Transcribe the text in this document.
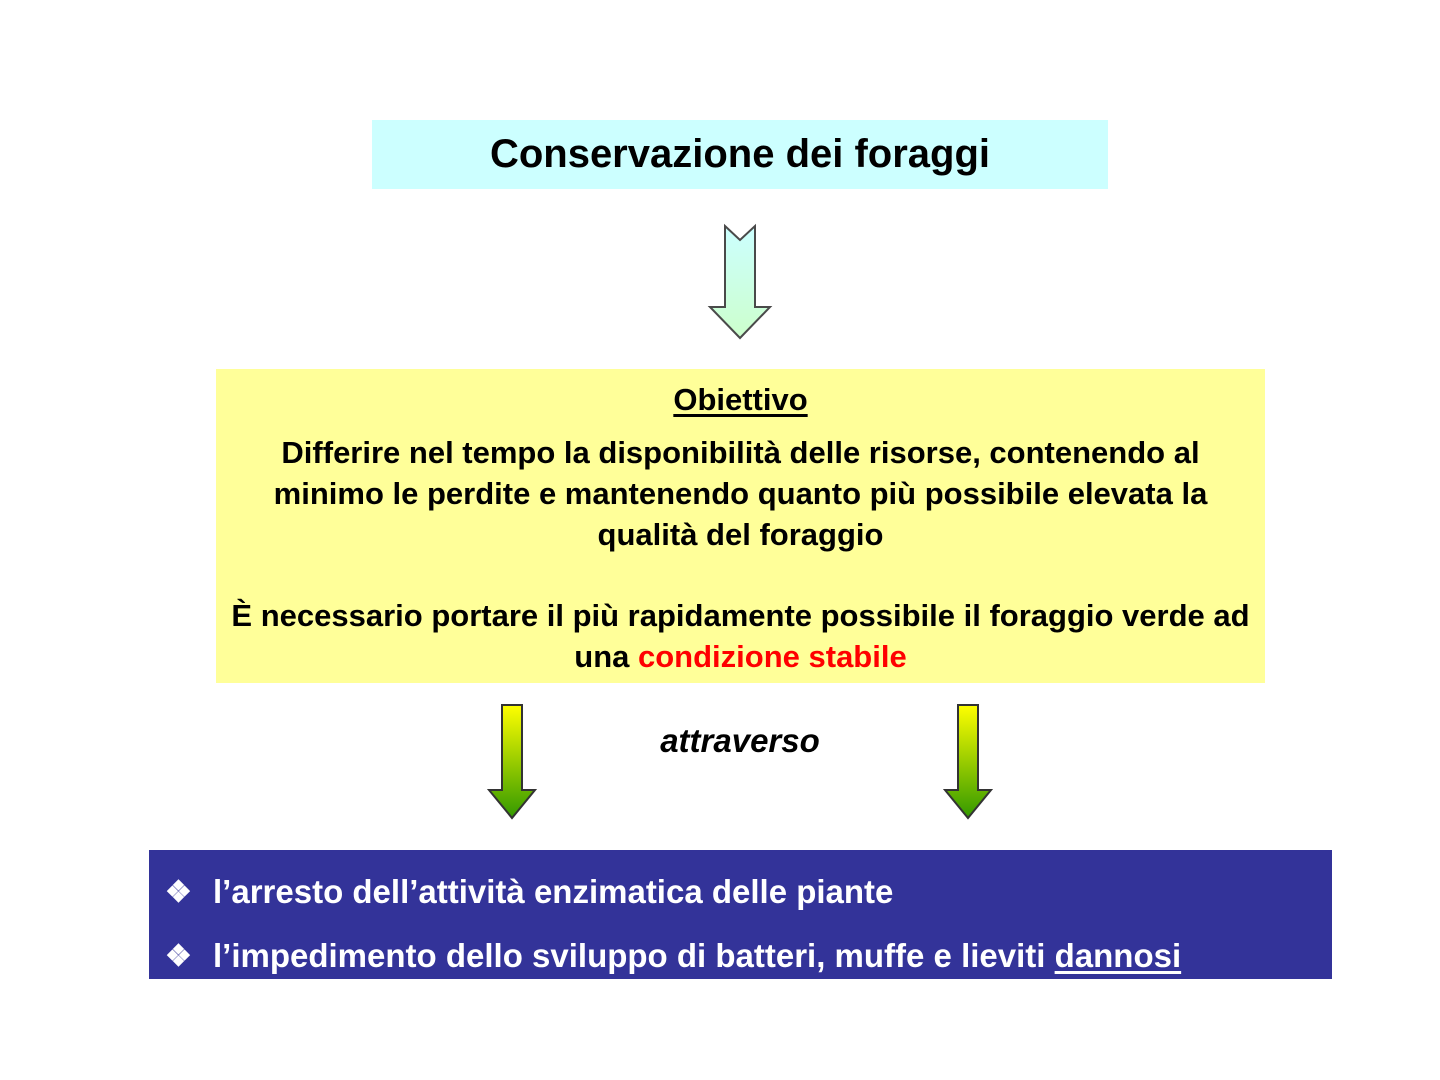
Conservazione dei foraggi
Obiettivo
Differire nel tempo la disponibilità delle risorse, contenendo al minimo le perdite e mantenendo quanto più possibile elevata la qualità del foraggio
È necessario portare il più rapidamente possibile il foraggio verde ad una condizione stabile
attraverso
❖ l’arresto dell’attività enzimatica delle piante
❖ l’impedimento dello sviluppo di batteri, muffe e lieviti dannosi
